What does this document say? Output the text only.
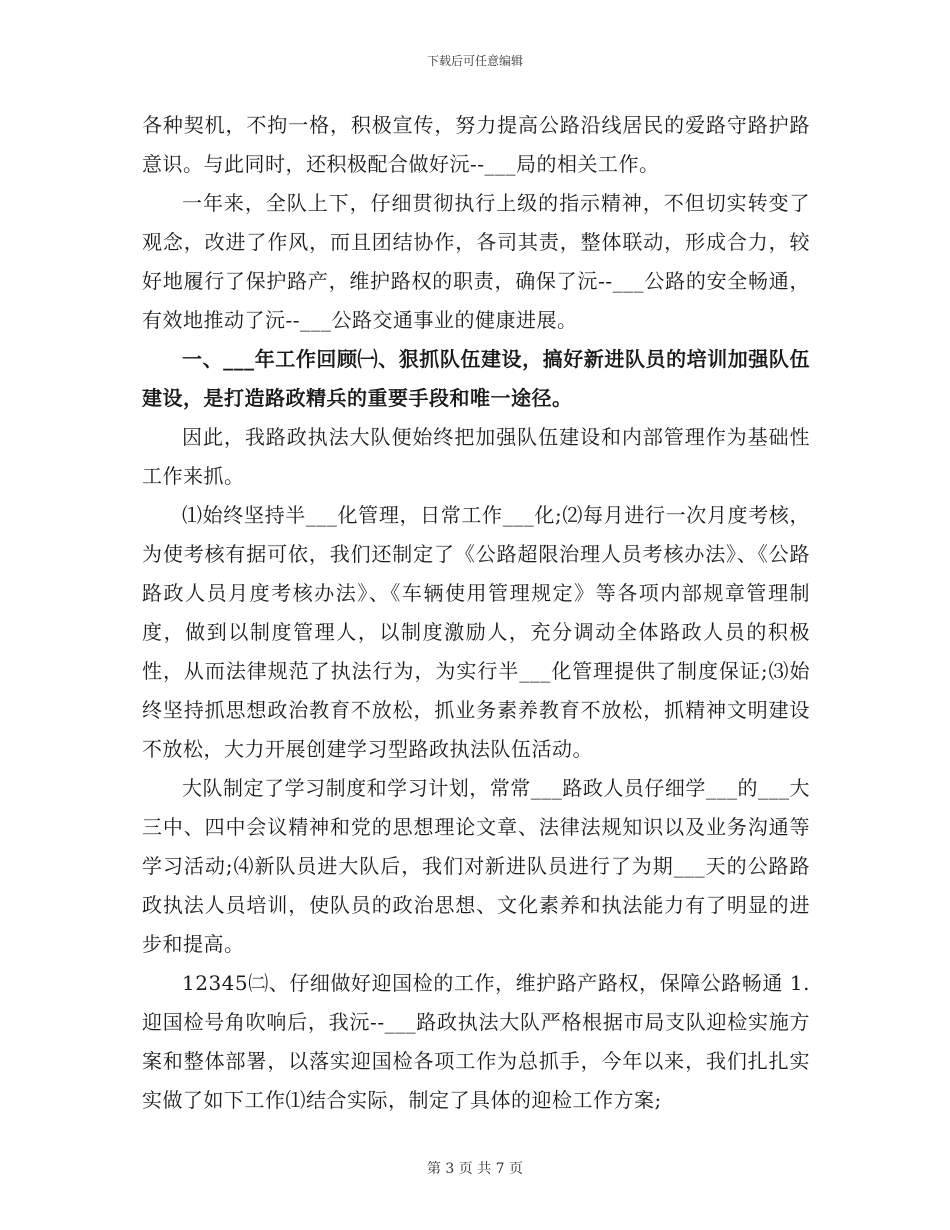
下载后可任意编辑

各种契机，不拘一格，积极宣传，努力提高公路沿线居民的爱路守路护路意识。与此同时，还积极配合做好沅--___局的相关工作。

一年来，全队上下，仔细贯彻执行上级的指示精神，不但切实转变了观念，改进了作风，而且团结协作，各司其责，整体联动，形成合力，较好地履行了保护路产，维护路权的职责，确保了沅--___公路的安全畅通，有效地推动了沅--___公路交通事业的健康进展。

一、___年工作回顾㈠、狠抓队伍建设，搞好新进队员的培训加强队伍建设，是打造路政精兵的重要手段和唯一途径。

因此，我路政执法大队便始终把加强队伍建设和内部管理作为基础性工作来抓。

⑴始终坚持半___化管理，日常工作___化;⑵每月进行一次月度考核，为使考核有据可依，我们还制定了《公路超限治理人员考核办法》、《公路路政人员月度考核办法》、《车辆使用管理规定》等各项内部规章管理制度，做到以制度管理人，以制度激励人，充分调动全体路政人员的积极性，从而法律规范了执法行为，为实行半___化管理提供了制度保证;⑶始终坚持抓思想政治教育不放松，抓业务素养教育不放松，抓精神文明建设不放松，大力开展创建学习型路政执法队伍活动。

大队制定了学习制度和学习计划，常常___路政人员仔细学___的___大三中、四中会议精神和党的思想理论文章、法律法规知识以及业务沟通等学习活动;⑷新队员进大队后，我们对新进队员进行了为期___天的公路路政执法人员培训，使队员的政治思想、文化素养和执法能力有了明显的进步和提高。

12345㈡、仔细做好迎国检的工作，维护路产路权，保障公路畅通 1.迎国检号角吹响后，我沅--___路政执法大队严格根据市局支队迎检实施方案和整体部署，以落实迎国检各项工作为总抓手，今年以来，我们扎扎实实做了如下工作⑴结合实际，制定了具体的迎检工作方案;

第 3 页 共 7 页
